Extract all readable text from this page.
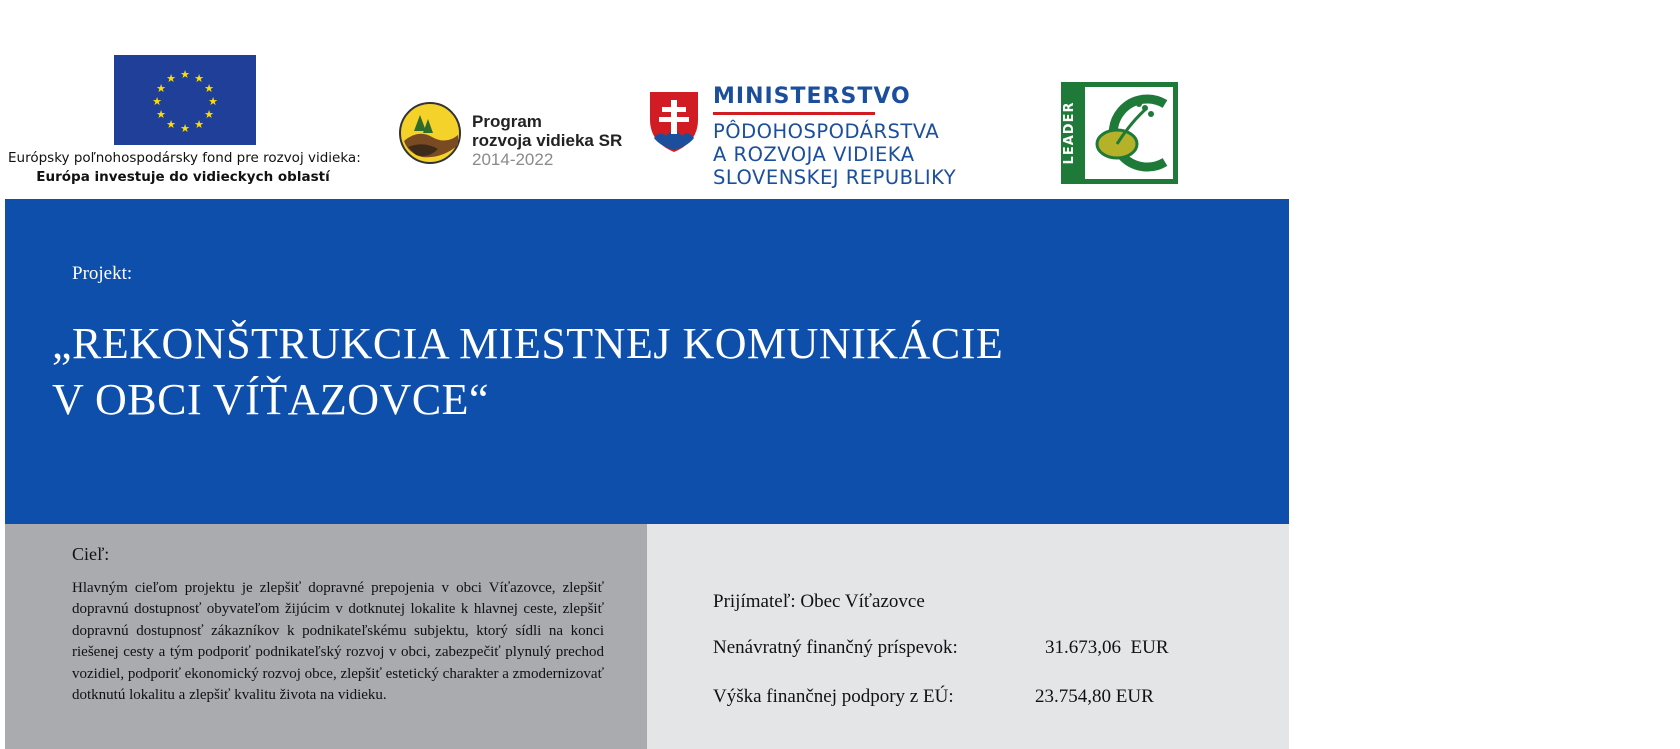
★ ★
★
★
★
★
★
★
★
★
★
★
Európsky poľnohospodársky fond pre rozvoj vidieka:
Európa investuje do vidieckych oblastí
Program
rozvoja vidieka SR
2014-2022
MINISTERSTVO
PÔDOHOSPODÁRSTVA
A ROZVOJA VIDIEKA
SLOVENSKEJ REPUBLIKY
LEADER
Projekt:
„REKONŠTRUKCIA MIESTNEJ KOMUNIKÁCIE
V OBCI VÍŤAZOVCE“
Cieľ:
Hlavným cieľom projektu je zlepšiť dopravné prepojenia v obci Víťazovce, zlepšiť dopravnú dostupnosť obyvateľom žijúcim v dotknutej lokalite k hlavnej ceste, zlepšiť dopravnú dostupnosť zákazníkov k podnikateľskému subjektu, ktorý sídli na konci riešenej cesty a tým podporiť podnikateľský rozvoj v obci, zabezpečiť plynulý prechod vozidiel, podporiť ekonomický rozvoj obce, zlepšiť estetický charakter a zmodernizovať dotknutú lokalitu a zlepšiť kvalitu života na vidieku.
Prijímateľ: Obec Víťazovce
Nenávratný finančný príspevok:	31.673,06  EUR
Výška finančnej podpory z EÚ:	23.754,80 EUR
